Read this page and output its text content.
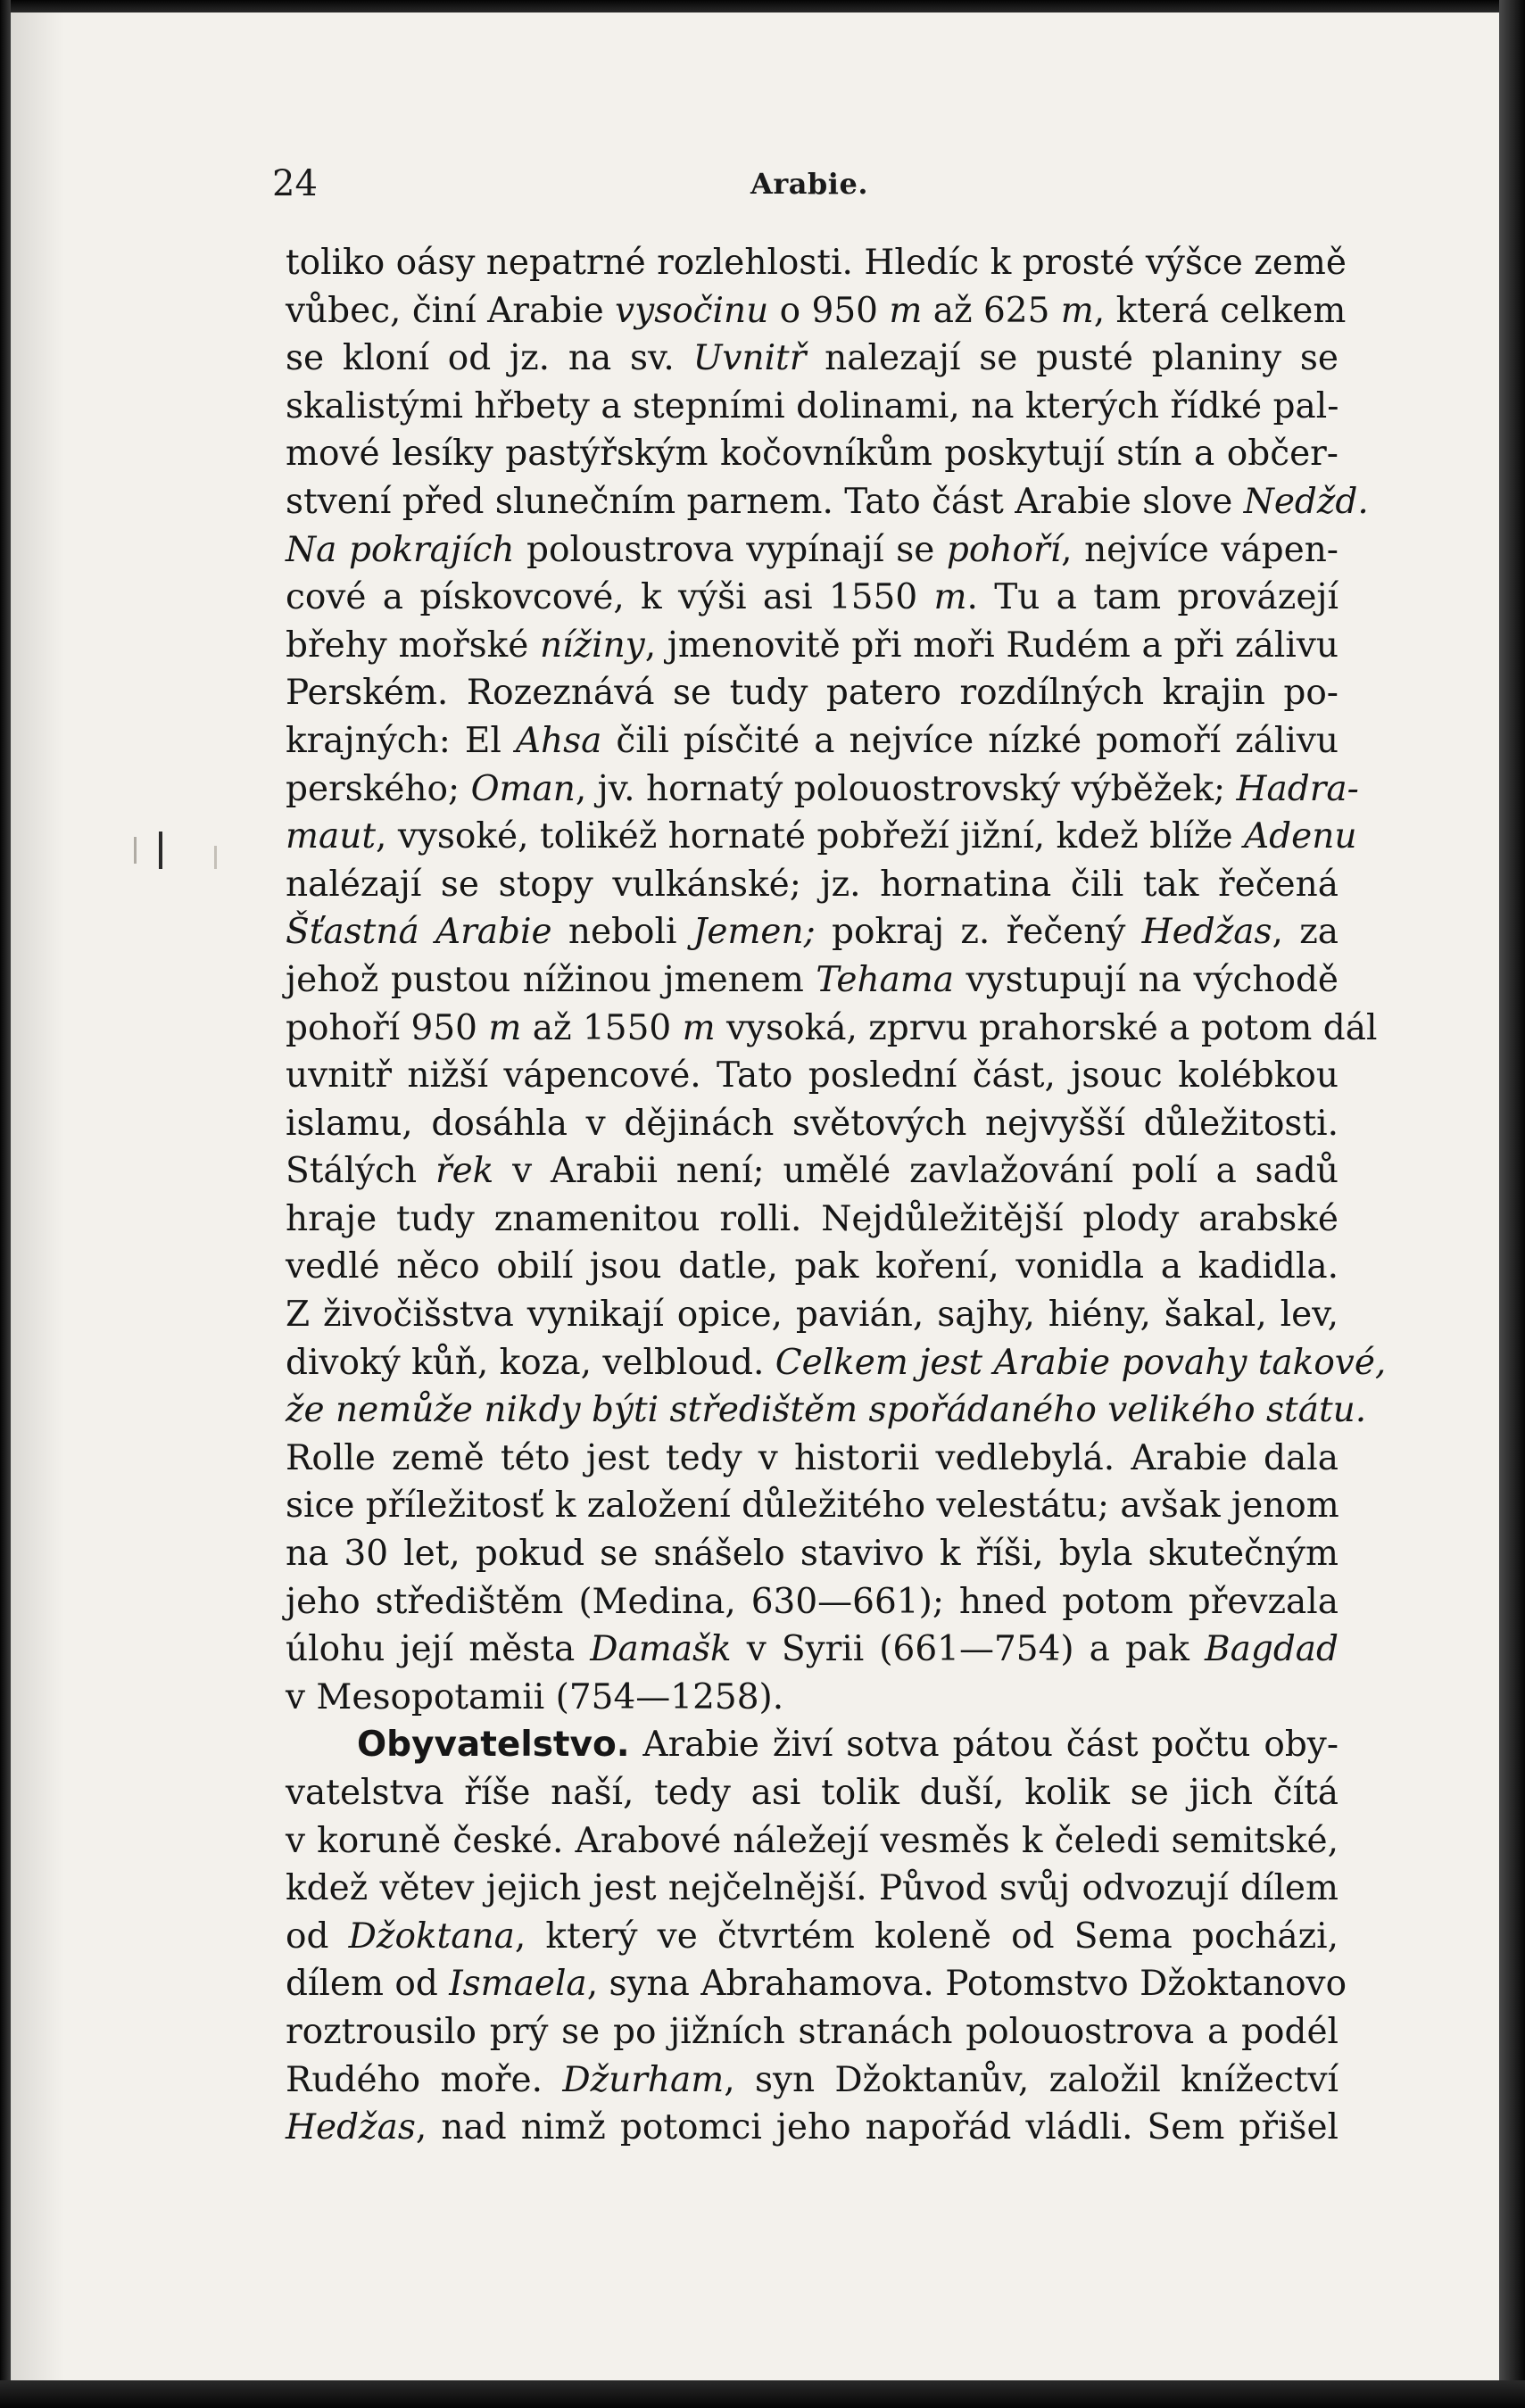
24	Arabie.
toliko oásy nepatrné rozlehlosti. Hledíc k prosté výšce země
vůbec, činí Arabie vysočinu o 950 m až 625 m, která celkem
se kloní od jz. na sv. Uvnitř nalezají se pusté planiny se
skalistými hřbety a stepními dolinami, na kterých řídké pal-
mové lesíky pastýřským kočovníkům poskytují stín a občer-
stvení před slunečním parnem. Tato část Arabie slove Nedžd.
Na pokrajích poloustrova vypínají se pohoří, nejvíce vápen-
cové a pískovcové, k výši asi 1550 m. Tu a tam provázejí
břehy mořské nížiny, jmenovitě při moři Rudém a při zálivu
Perském. Rozeznává se tudy patero rozdílných krajin po-
krajných: El Ahsa čili písčité a nejvíce nízké pomoří zálivu
perského; Oman, jv. hornatý polouostrovský výběžek; Hadra-
maut, vysoké, tolikéž hornaté pobřeží jižní, kdež blíže Adenu
nalézají se stopy vulkánské; jz. hornatina čili tak řečená
Šťastná Arabie neboli Jemen; pokraj z. řečený Hedžas, za
jehož pustou nížinou jmenem Tehama vystupují na východě
pohoří 950 m až 1550 m vysoká, zprvu prahorské a potom dál
uvnitř nižší vápencové. Tato poslední část, jsouc kolébkou
islamu, dosáhla v dějinách světových nejvyšší důležitosti.
Stálých řek v Arabii není; umělé zavlažování polí a sadů
hraje tudy znamenitou rolli. Nejdůležitější plody arabské
vedlé něco obilí jsou datle, pak koření, vonidla a kadidla.
Z živočišstva vynikají opice, pavián, sajhy, hiény, šakal, lev,
divoký kůň, koza, velbloud. Celkem jest Arabie povahy takové,
že nemůže nikdy býti středištěm spořádaného velikého státu.
Rolle země této jest tedy v historii vedlebylá. Arabie dala
sice příležitosť k založení důležitého velestátu; avšak jenom
na 30 let, pokud se snášelo stavivo k říši, byla skutečným
jeho středištěm (Medina, 630—661); hned potom převzala
úlohu její města Damašk v Syrii (661—754) a pak Bagdad
v Mesopotamii (754—1258).
Obyvatelstvo. Arabie živí sotva pátou část počtu oby-
vatelstva říše naší, tedy asi tolik duší, kolik se jich čítá
v koruně české. Arabové náležejí vesměs k čeledi semitské,
kdež větev jejich jest nejčelnější. Původ svůj odvozují dílem
od Džoktana, který ve čtvrtém koleně od Sema pocházi,
dílem od Ismaela, syna Abrahamova. Potomstvo Džoktanovo
roztrousilo prý se po jižních stranách polouostrova a podél
Rudého moře. Džurham, syn Džoktanův, založil knížectví
Hedžas, nad nimž potomci jeho napořád vládli. Sem přišel
